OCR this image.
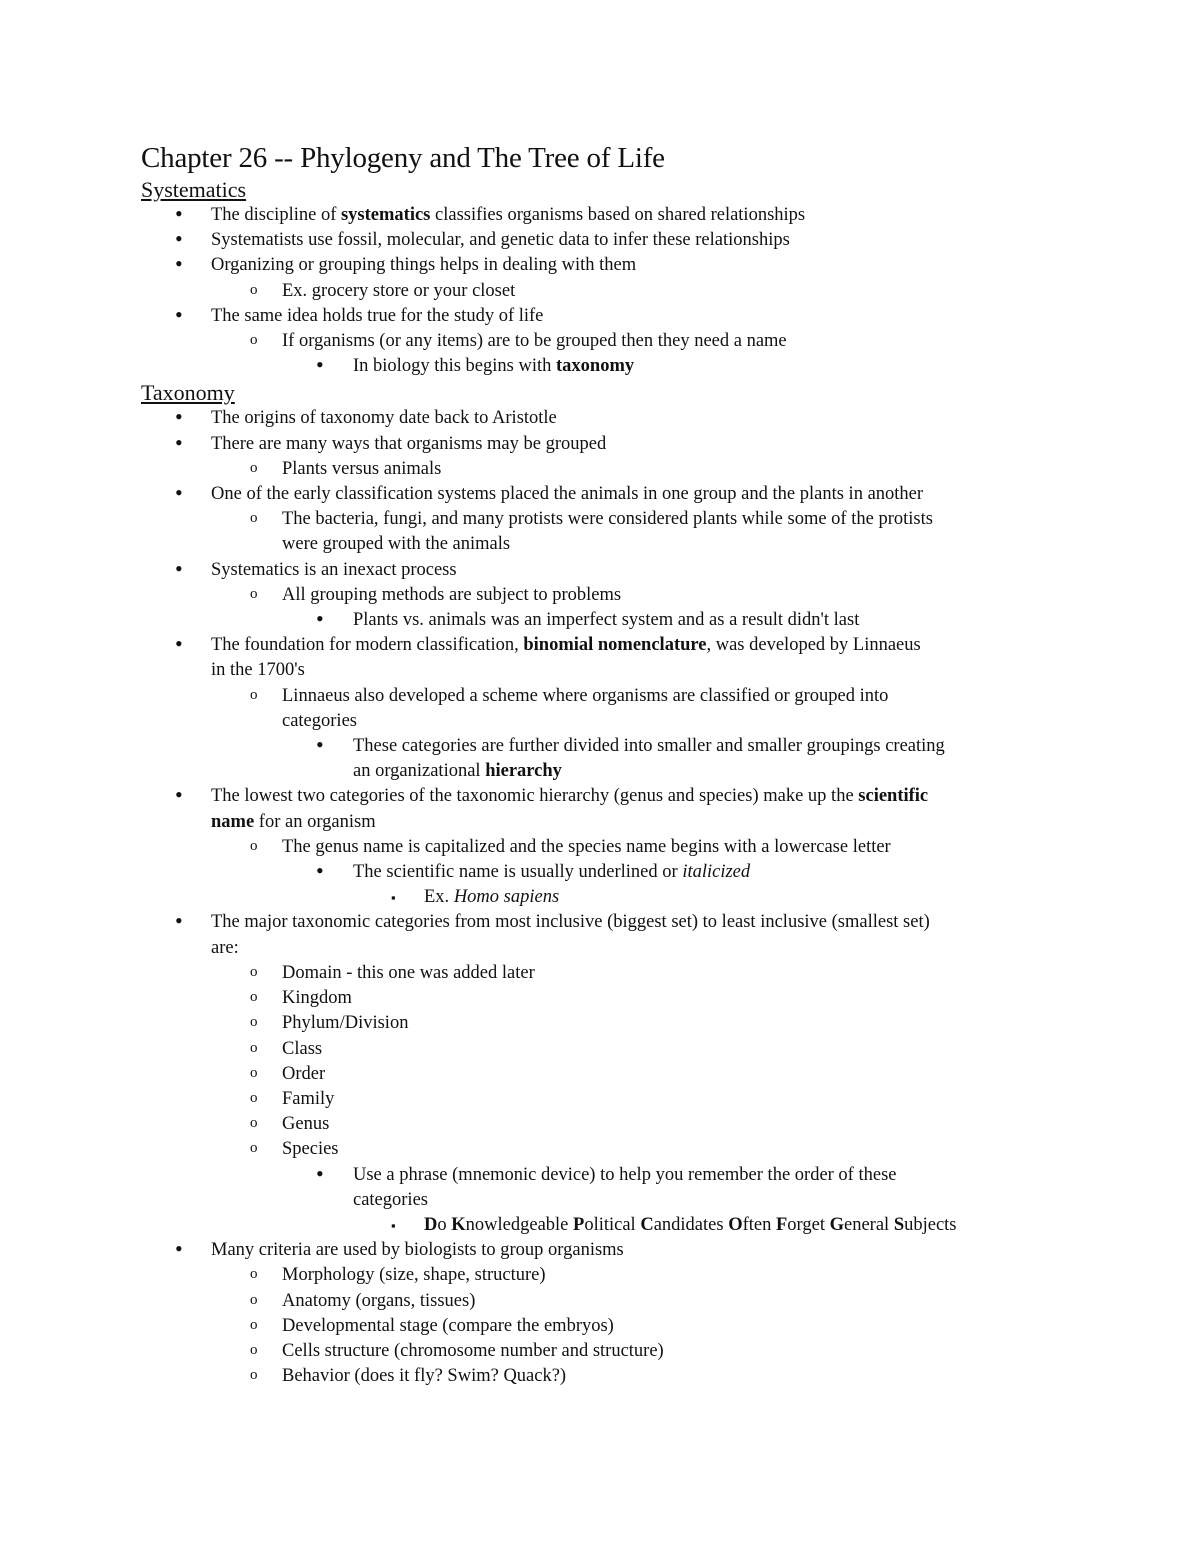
Chapter 26 -- Phylogeny and The Tree of Life
Systematics
• The discipline of systematics classifies organisms based on shared relationships
• Systematists use fossil, molecular, and genetic data to infer these relationships
• Organizing or grouping things helps in dealing with them
o Ex. grocery store or your closet
• The same idea holds true for the study of life
o If organisms (or any items) are to be grouped then they need a name
• In biology this begins with taxonomy
Taxonomy
• The origins of taxonomy date back to Aristotle
• There are many ways that organisms may be grouped
o Plants versus animals
• One of the early classification systems placed the animals in one group and the plants in another
o The bacteria, fungi, and many protists were considered plants while some of the protists
were grouped with the animals
• Systematics is an inexact process
o All grouping methods are subject to problems
• Plants vs. animals was an imperfect system and as a result didn't last
• The foundation for modern classification, binomial nomenclature, was developed by Linnaeus
in the 1700's
o Linnaeus also developed a scheme where organisms are classified or grouped into
categories
• These categories are further divided into smaller and smaller groupings creating
an organizational hierarchy
• The lowest two categories of the taxonomic hierarchy (genus and species) make up the scientific
name for an organism
o The genus name is capitalized and the species name begins with a lowercase letter
• The scientific name is usually underlined or italicized
▪ Ex. Homo sapiens
• The major taxonomic categories from most inclusive (biggest set) to least inclusive (smallest set)
are:
o Domain - this one was added later
o Kingdom
o Phylum/Division
o Class
o Order
o Family
o Genus
o Species
• Use a phrase (mnemonic device) to help you remember the order of these
categories
▪ Do Knowledgeable Political Candidates Often Forget General Subjects
• Many criteria are used by biologists to group organisms
o Morphology (size, shape, structure)
o Anatomy (organs, tissues)
o Developmental stage (compare the embryos)
o Cells structure (chromosome number and structure)
o Behavior (does it fly? Swim? Quack?)
